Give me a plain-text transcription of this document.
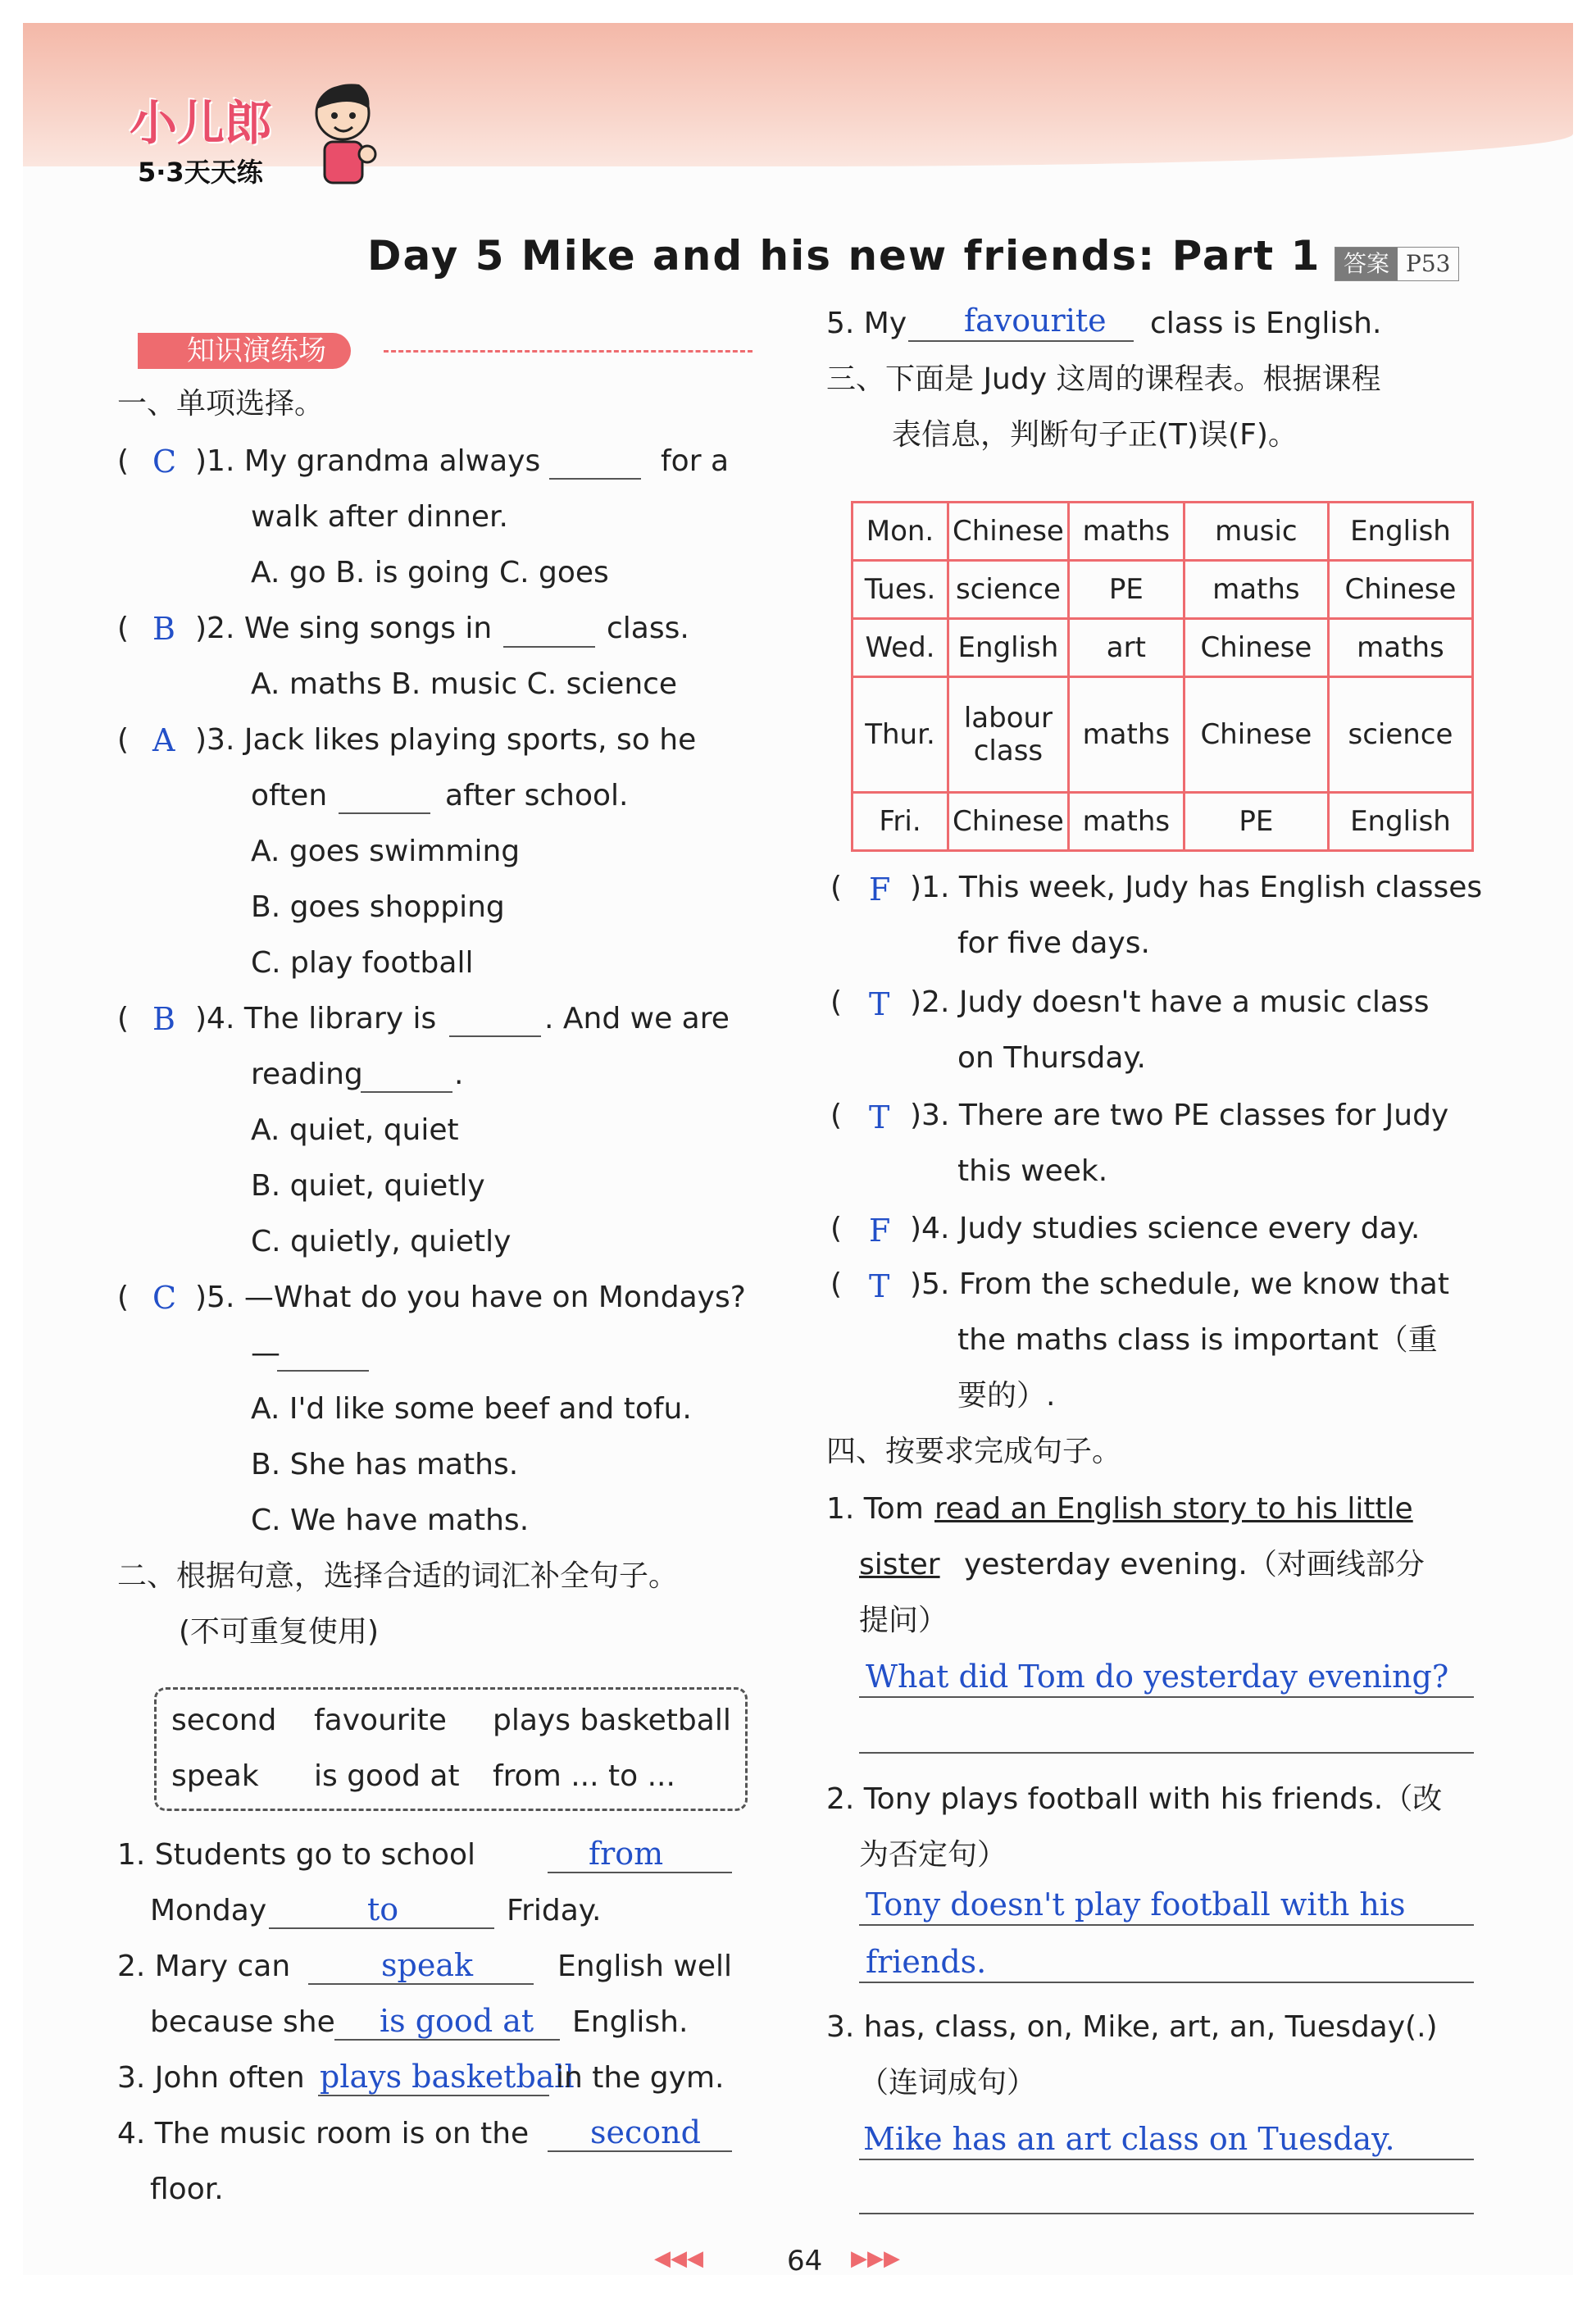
小儿郎
5·3天天练
Day 5 Mike and his new friends: Part 1 答案 P53
知识演练场
一、单项选择。
( C )1. My grandma always	for a
walk after dinner.
A. go B. is going C. goes
( B )2. We sing songs in	class.
A. maths B. music C. science
( A )3. Jack likes playing sports, so he
often	after school.
A. goes swimming
B. goes shopping
C. play football
( B )4. The library is	. And we are
reading	.
A. quiet, quiet
B. quiet, quietly
C. quietly, quietly
( C )5. —What do you have on Mondays?
—
A. I'd like some beef and tofu.
B. She has maths.
C. We have maths.
二、根据句意，选择合适的词汇补全句子。
(不可重复使用)
second favourite plays basketball
speak is good at from ... to ...
1. Students go to school	from
Monday	to	Friday.
2. Mary can	speak	English well
because she is good at English.
3. John often plays basketball
in the gym.
4. The music room is on the second
floor.
5. My favourite class is English.
三、下面是 Judy 这周的课程表。根据课程
表信息，判断句子正(T)误(F)。
Mon.	Chinese	maths	music	English
Tues.	science	PE	maths	Chinese
Wed.	English	art	Chinese	maths
Thur.	labour class	maths	Chinese	science
Fri.	Chinese	maths	PE	English
( F )1. This week, Judy has English classes
for five days.
( T )2. Judy doesn't have a music class
on Thursday.
( T )3. There are two PE classes for Judy
this week.
( F )4. Judy studies science every day.
( T )5. From the schedule, we know that
the maths class is important（重
要的）.
四、按要求完成句子。
1. Tom read an English story to his little
sister yesterday evening.（对画线部分
提问）
What did Tom do yesterday evening?
2. Tony plays football with his friends.（改
为否定句）
Tony doesn't play football with his
friends.
3. has, class, on, Mike, art, an, Tuesday(.)
（连词成句）
Mike has an art class on Tuesday.
◀◀◀	64 ▶▶▶
